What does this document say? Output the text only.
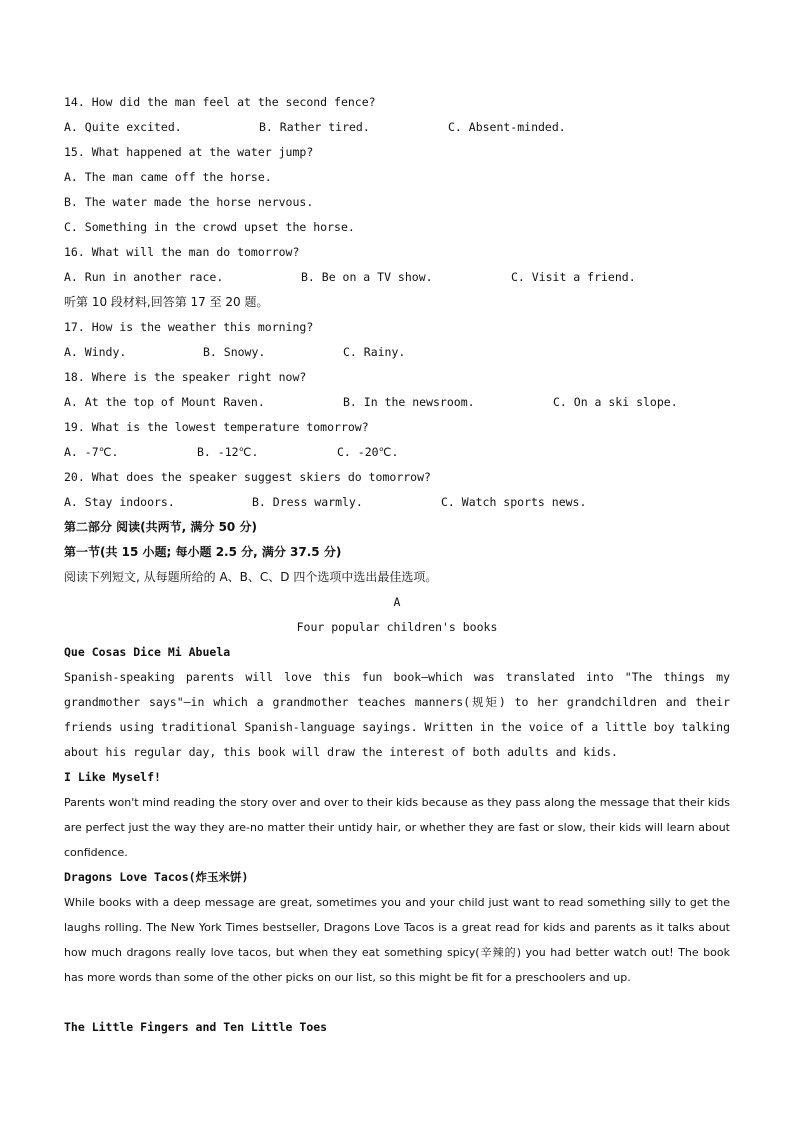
14. How did the man feel at the second fence?
A. Quite excited.	B. Rather tired.	C. Absent-minded.
15. What happened at the water jump?
A. The man came off the horse.
B. The water made the horse nervous.
C. Something in the crowd upset the horse.
16. What will the man do tomorrow?
A. Run in another race.	B. Be on a TV show.	C. Visit a friend.
听第 10 段材料,回答第 17 至 20 题。
17. How is the weather this morning?
A. Windy.	B. Snowy.	C. Rainy.
18. Where is the speaker right now?
A. At the top of Mount Raven.	B. In the newsroom.	C. On a ski slope.
19. What is the lowest temperature tomorrow?
A. -7℃.	B. -12℃.	C. -20℃.
20. What does the speaker suggest skiers do tomorrow?
A. Stay indoors.	B. Dress warmly.	C. Watch sports news.
第二部分 阅读(共两节, 满分 50 分)
第一节(共 15 小题; 每小题 2.5 分, 满分 37.5 分)
阅读下列短文, 从每题所给的 A、B、C、D 四个选项中选出最佳选项。
A
Four popular children's books
Que Cosas Dice Mi Abuela
Spanish-speaking parents will love this fun book—which was translated into "The things my grandmother says"—in which a grandmother teaches manners(规矩) to her grandchildren and their friends using traditional Spanish-language sayings. Written in the voice of a little boy talking about his regular day, this book will draw the interest of both adults and kids.
I Like Myself!
Parents won't mind reading the story over and over to their kids because as they pass along the message that their kids are perfect just the way they are-no matter their untidy hair, or whether they are fast or slow, their kids will learn about confidence.
Dragons Love Tacos(炸玉米饼)
While books with a deep message are great, sometimes you and your child just want to read something silly to get the laughs rolling. The New York Times bestseller, Dragons Love Tacos is a great read for kids and parents as it talks about how much dragons really love tacos, but when they eat something spicy(辛辣的) you had better watch out! The book has more words than some of the other picks on our list, so this might be fit for a preschoolers and up.
The Little Fingers and Ten Little Toes
